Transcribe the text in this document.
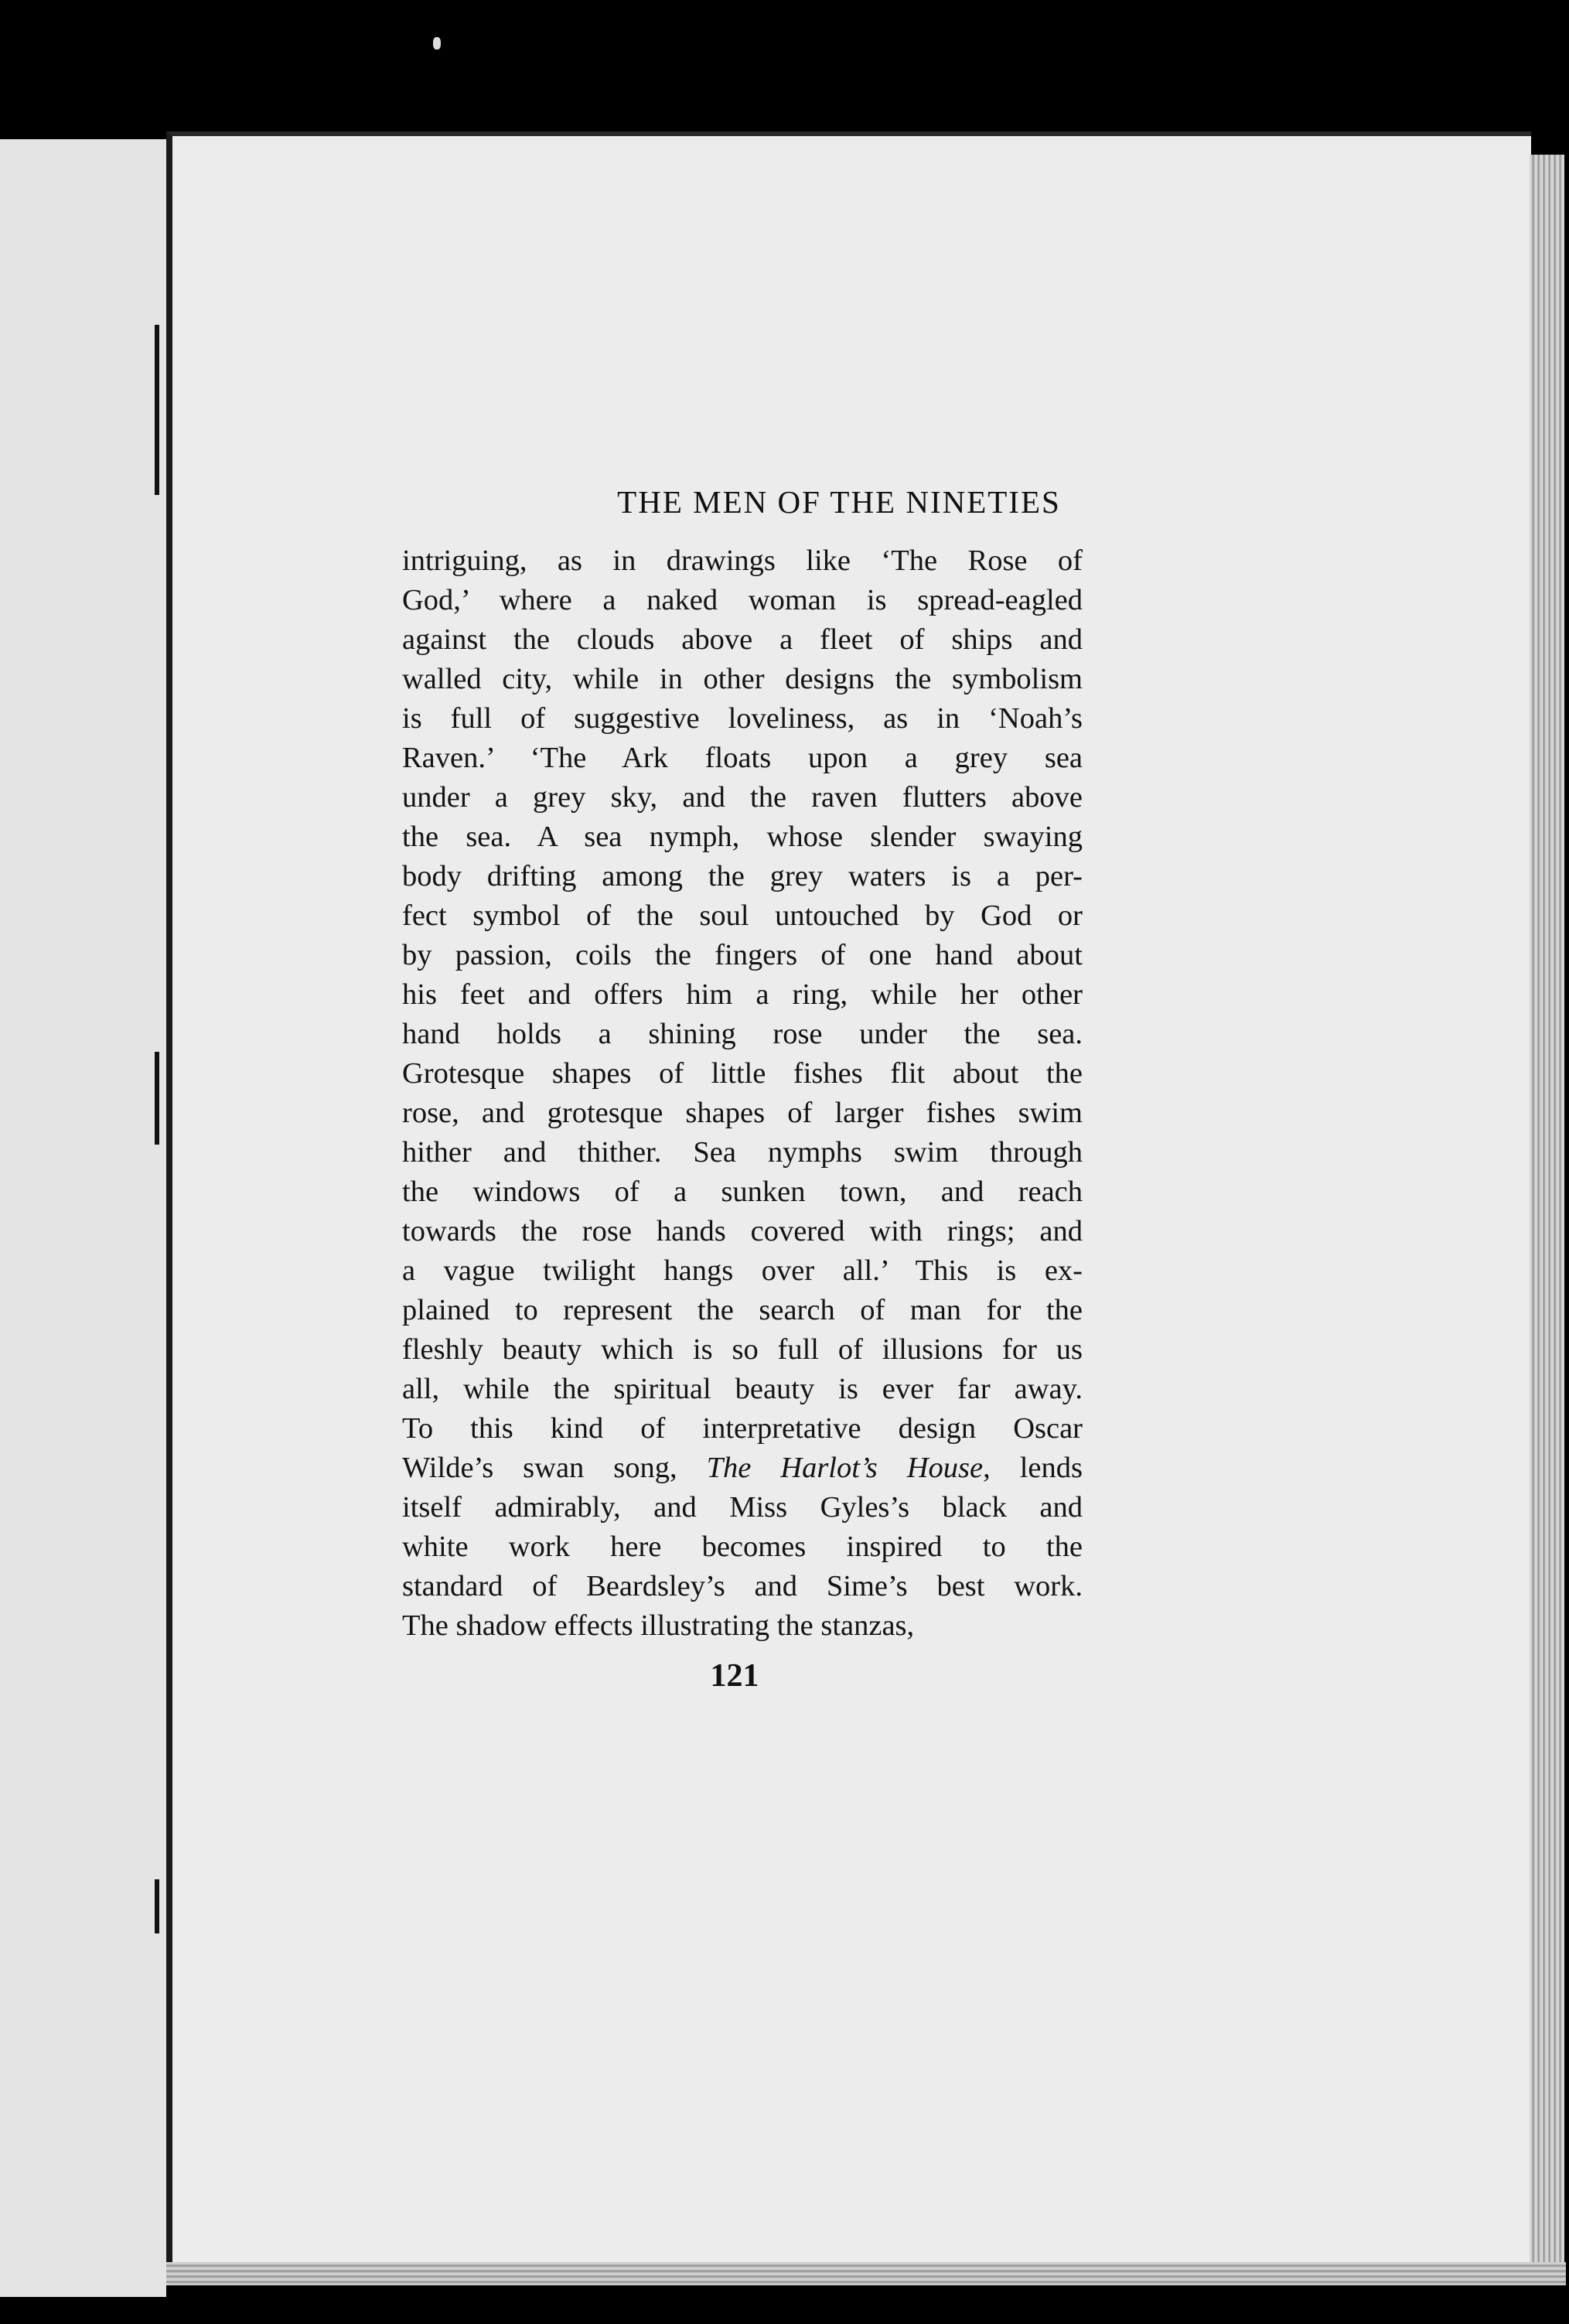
THE MEN OF THE NINETIES
intriguing, as in drawings like ‘The Rose of
God,’ where a naked woman is spread-eagled
against the clouds above a fleet of ships and
walled city, while in other designs the symbolism
is full of suggestive loveliness, as in ‘Noah’s
Raven.’ ‘The Ark floats upon a grey sea
under a grey sky, and the raven flutters above
the sea. A sea nymph, whose slender swaying
body drifting among the grey waters is a per-
fect symbol of the soul untouched by God or
by passion, coils the fingers of one hand about
his feet and offers him a ring, while her other
hand holds a shining rose under the sea.
Grotesque shapes of little fishes flit about the
rose, and grotesque shapes of larger fishes swim
hither and thither. Sea nymphs swim through
the windows of a sunken town, and reach
towards the rose hands covered with rings; and
a vague twilight hangs over all.’ This is ex-
plained to represent the search of man for the
fleshly beauty which is so full of illusions for us
all, while the spiritual beauty is ever far away.
To this kind of interpretative design Oscar
Wilde’s swan song, The Harlot’s House, lends
itself admirably, and Miss Gyles’s black and
white work here becomes inspired to the
standard of Beardsley’s and Sime’s best work.
The shadow effects illustrating the stanzas,
121
